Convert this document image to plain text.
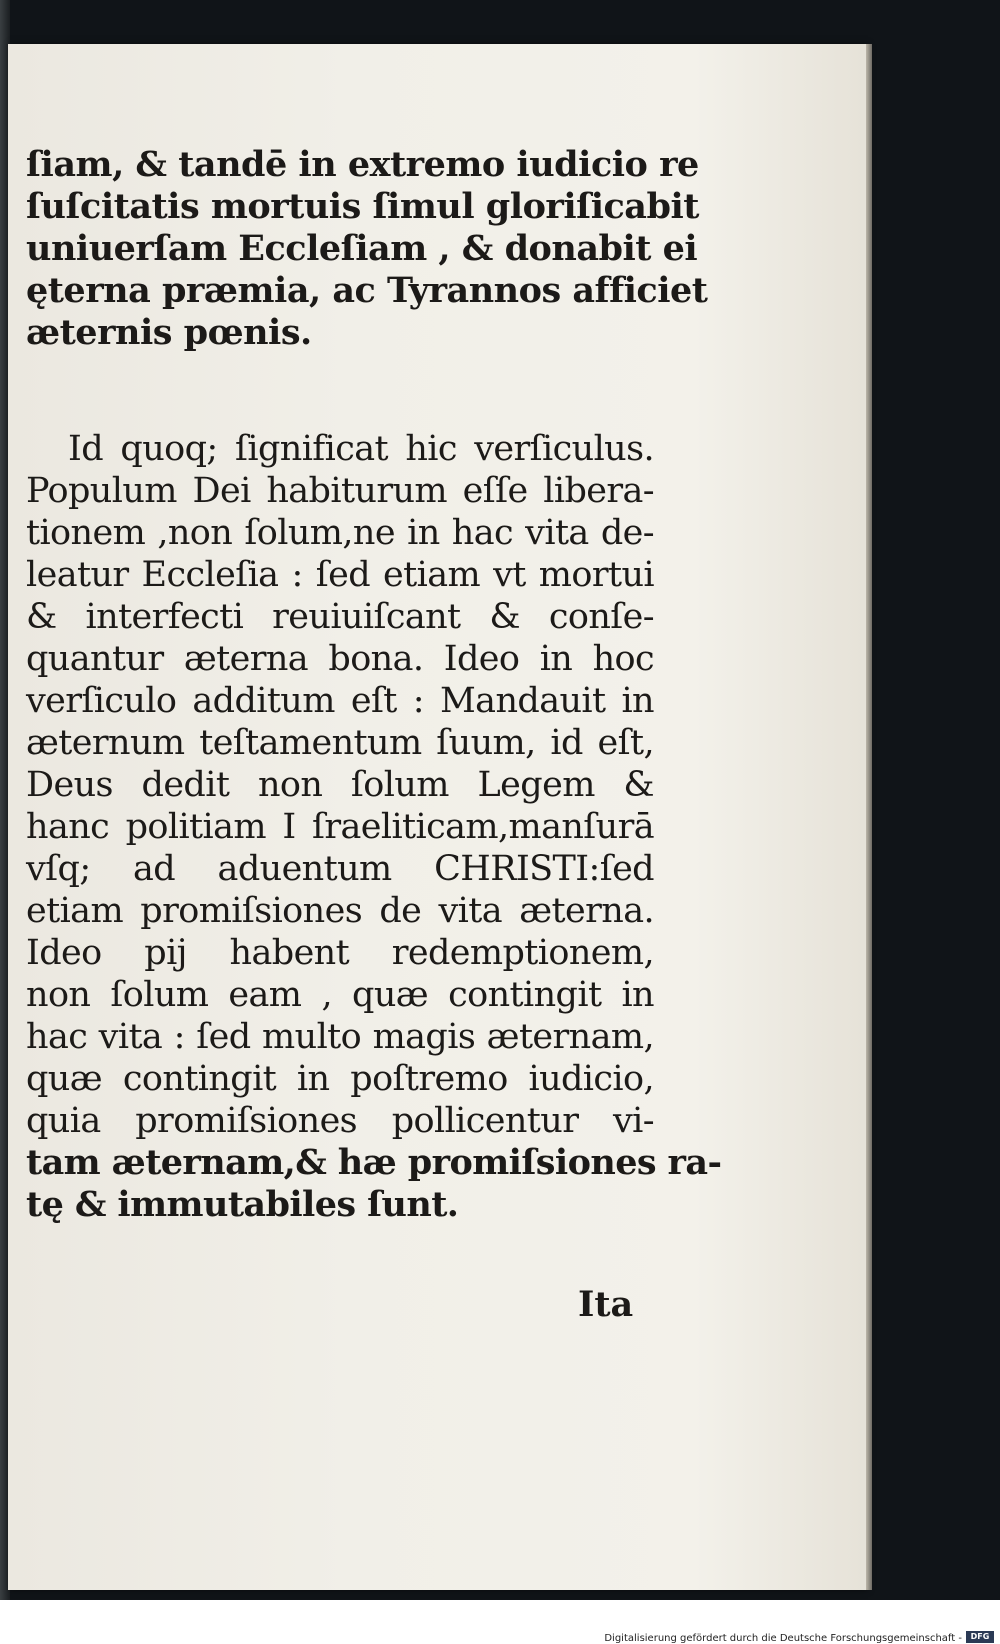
ſiam, & tandē in extremo iudicio re
ſuſcitatis mortuis ſimul gloriſicabit
uniuerſam Eccleſiam , & donabit ei
ęterna præmia, ac Tyrannos afficiet
æternis pœnis.
Id quoq; ſignificat hic verſiculus.
Populum Dei habiturum eſſe libera-
tionem ,non ſolum,ne in hac vita de-
leatur Eccleſia : ſed etiam vt mortui
& interfecti reuiuiſcant & conſe-
quantur æterna bona. Ideo in hoc
verſiculo additum eſt : Mandauit in
æternum teſtamentum ſuum, id eſt,
Deus dedit non ſolum Legem &
hanc politiam I ſraeliticam,manſurā
vſq; ad aduentum CHRISTI:ſed
etiam promiſsiones de vita æterna.
Ideo pij habent redemptionem,
non ſolum eam , quæ contingit in
hac vita : ſed multo magis æternam,
quæ contingit in poſtremo iudicio,
quia promiſsiones pollicentur vi-
tam æternam,& hæ promiſsiones ra-
tę & immutabiles ſunt.
Ita
Digitalisierung gefördert durch die Deutsche Forschungsgemeinschaft -	DFG
